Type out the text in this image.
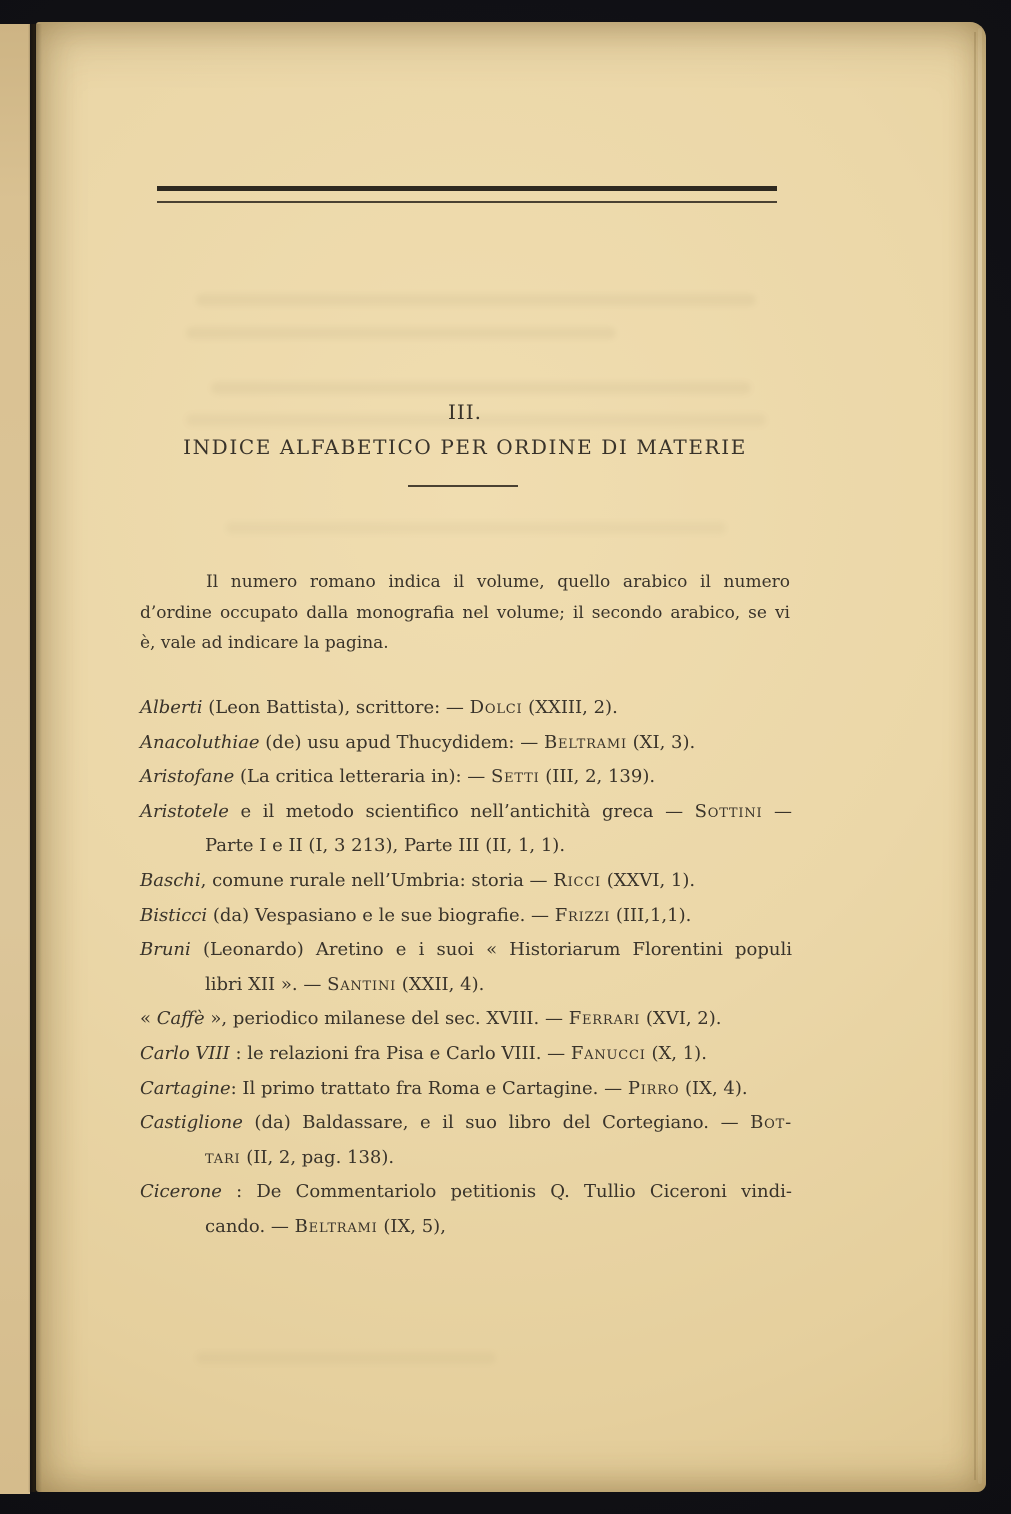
III.
INDICE ALFABETICO PER ORDINE DI MATERIE
Il numero romano indica il volume, quello arabico il numero
d’ordine occupato dalla monografia nel volume; il secondo arabico, se vi
è, vale ad indicare la pagina.
Alberti (Leon Battista), scrittore: — Dolci (XXIII, 2).
Anacoluthiae (de) usu apud Thucydidem: — Beltrami (XI, 3).
Aristofane (La critica letteraria in): — Setti (III, 2, 139).
Aristotele e il metodo scientifico nell’antichità greca — Sottini —
Parte I e II (I, 3 213), Parte III (II, 1, 1).
Baschi, comune rurale nell’Umbria: storia — Ricci (XXVI, 1).
Bisticci (da) Vespasiano e le sue biografie. — Frizzi (III,1,1).
Bruni (Leonardo) Aretino e i suoi « Historiarum Florentini populi
libri XII ». — Santini (XXII, 4).
« Caffè », periodico milanese del sec. XVIII. — Ferrari (XVI, 2).
Carlo VIII : le relazioni fra Pisa e Carlo VIII. — Fanucci (X, 1).
Cartagine: Il primo trattato fra Roma e Cartagine. — Pirro (IX, 4).
Castiglione (da) Baldassare, e il suo libro del Cortegiano. — Bot-
tari (II, 2, pag. 138).
Cicerone : De Commentariolo petitionis Q. Tullio Ciceroni vindi-
cando. — Beltrami (IX, 5),
